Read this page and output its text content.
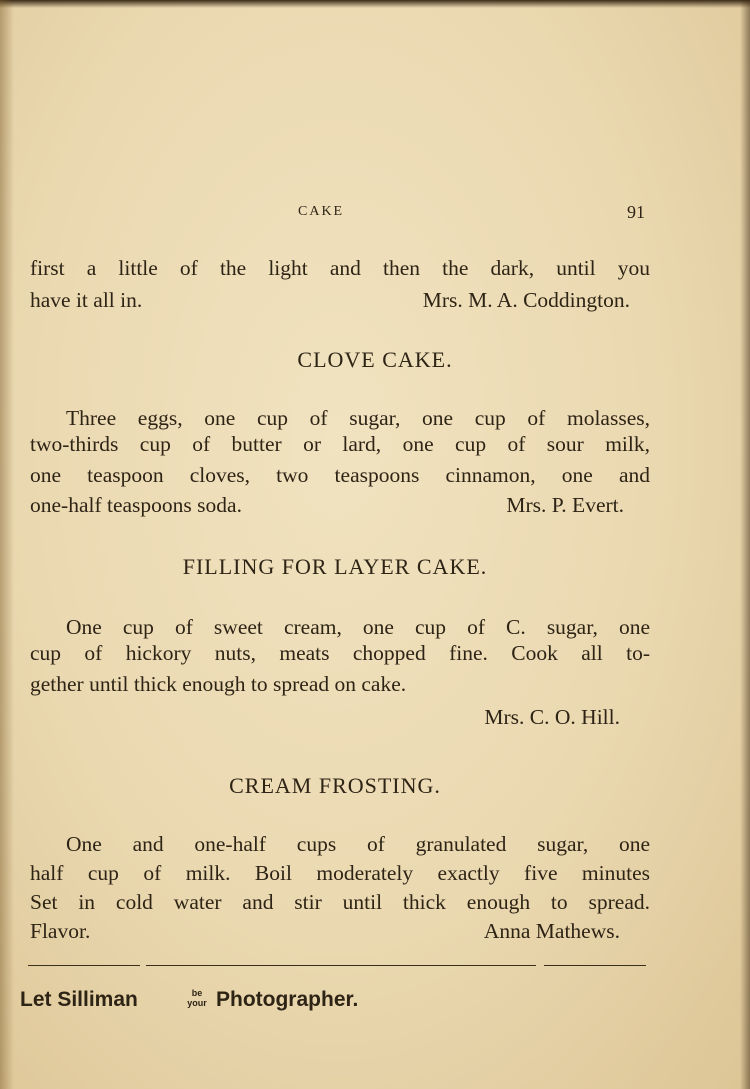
CAKE	91
first a little of the light and then the dark, until you
have it all in.	Mrs. M. A. Coddington.
CLOVE CAKE.
Three eggs, one cup of sugar, one cup of molasses,
two-thirds cup of butter or lard, one cup of sour milk,
one teaspoon cloves, two teaspoons cinnamon, one and
one-half teaspoons soda.	Mrs. P. Evert.
FILLING FOR LAYER CAKE.
One cup of sweet cream, one cup of C. sugar, one
cup of hickory nuts, meats chopped fine. Cook all to-
gether until thick enough to spread on cake.
Mrs. C. O. Hill.
CREAM FROSTING.
One and one-half cups of granulated sugar, one
half cup of milk. Boil moderately exactly five minutes
Set in cold water and stir until thick enough to spread.
Flavor.	Anna Mathews.
Let Silliman	be
your Photographer.
